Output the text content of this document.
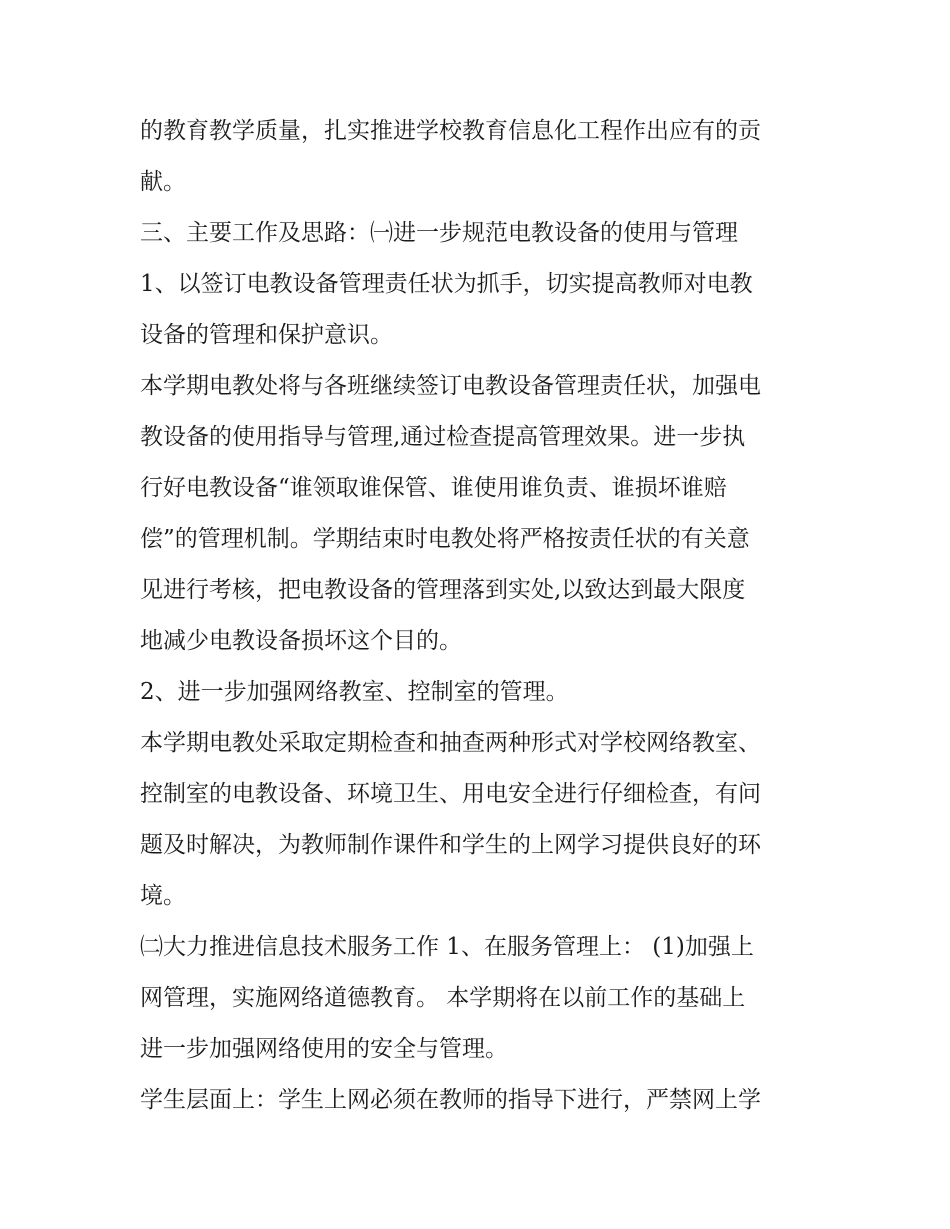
的教育教学质量，扎实推进学校教育信息化工程作出应有的贡
献。
三、主要工作及思路：㈠进一步规范电教设备的使用与管理
1、以签订电教设备管理责任状为抓手，切实提高教师对电教
设备的管理和保护意识。
本学期电教处将与各班继续签订电教设备管理责任状，加强电
教设备的使用指导与管理,通过检查提高管理效果。进一步执
行好电教设备“谁领取谁保管、谁使用谁负责、谁损坏谁赔
偿”的管理机制。学期结束时电教处将严格按责任状的有关意
见进行考核，把电教设备的管理落到实处,以致达到最大限度
地减少电教设备损坏这个目的。
2、进一步加强网络教室、控制室的管理。
本学期电教处采取定期检查和抽查两种形式对学校网络教室、
控制室的电教设备、环境卫生、用电安全进行仔细检查，有问
题及时解决，为教师制作课件和学生的上网学习提供良好的环
境。
㈡大力推进信息技术服务工作 1、在服务管理上： (1)加强上
网管理，实施网络道德教育。 本学期将在以前工作的基础上
进一步加强网络使用的安全与管理。
学生层面上：学生上网必须在教师的指导下进行，严禁网上学
